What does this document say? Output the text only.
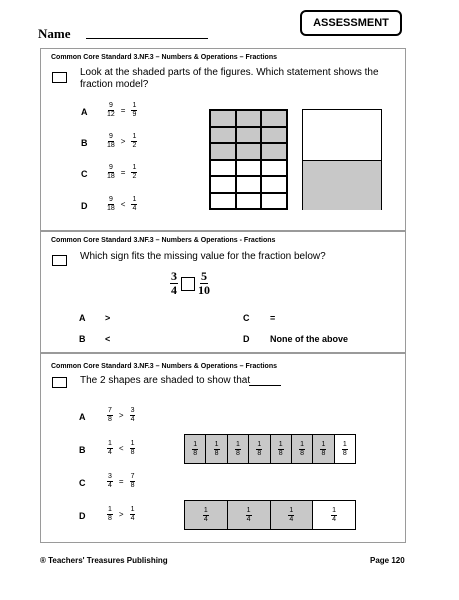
Name
ASSESSMENT
Common Core Standard 3.NF.3 – Numbers & Operations – Fractions
Look at the shaded parts of the figures. Which statement shows the
fraction model?
A	$\frac{9}{12} = \frac{1}{9}$
B	$\frac{9}{18} > \frac{1}{2}$
C	$\frac{9}{18} = \frac{1}{2}$
D	$\frac{9}{18} < \frac{1}{4}$
Common Core Standard 3.NF.3 – Numbers & Operations - Fractions
Which sign fits the missing value for the fraction below?
$\frac{3}{4} \frac{5}{10}$
A >
B <
C =
D None of the above
Common Core Standard 3.NF.3 – Numbers & Operations – Fractions
The 2 shapes are shaded to show that
A	$\frac{7}{8} > \frac{3}{4}$
B	$\frac{1}{4} < \frac{1}{8}$
C	$\frac{3}{4} = \frac{7}{8}$
D	$\frac{1}{8} > \frac{1}{4}$
$\frac{1}{8} \frac{1}{8} \frac{1}{8} \frac{1}{8} \frac{1}{8} \frac{1}{8} \frac{1}{8} \frac{1}{8}$
$\frac{1}{4}$	$\frac{1}{4}$	$\frac{1}{4}$	$\frac{1}{4}$
® Teachers' Treasures Publishing	Page 120
